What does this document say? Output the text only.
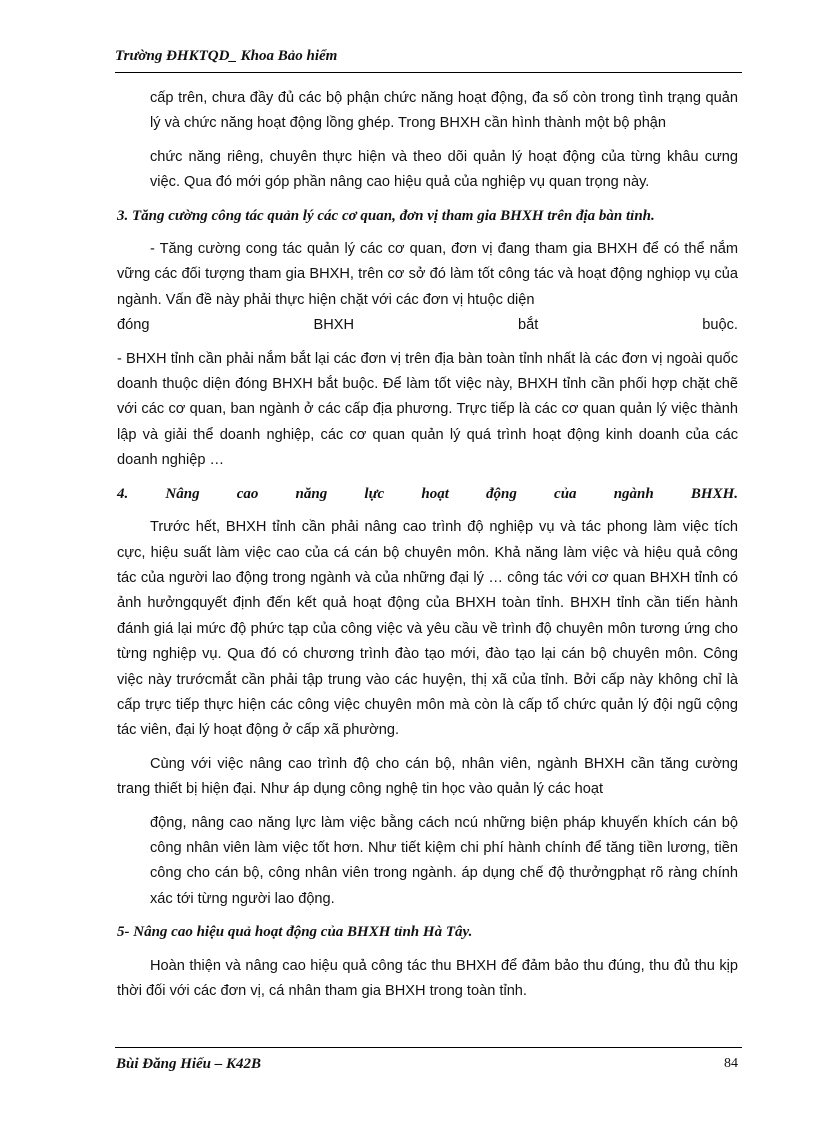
Trường ĐHKTQD_ Khoa Bảo hiểm

cấp trên, chưa đầy đủ các bộ phận chức năng hoạt động, đa số còn trong tình trạng quản lý và chức năng hoạt động lồng ghép. Trong BHXH cần hình thành một bộ phận

chức năng riêng, chuyên thực hiện và theo dõi quản lý hoạt động của từng khâu cưng việc. Qua đó mới góp phần nâng cao hiệu quả của nghiệp vụ quan trọng này.

3. Tăng cường công tác quản lý các cơ quan, đơn vị tham gia BHXH trên địa bàn tỉnh.

- Tăng cường cong tác quản lý các cơ quan, đơn vị đang tham gia BHXH để có thể nắm vững các đối tượng tham gia BHXH, trên cơ sở đó làm tốt công tác và hoạt động nghiọp vụ của ngành. Vấn đề này phải thực hiện chặt với các đơn vị htuộc diện

đóng BHXH bắt buộc.

- BHXH tỉnh cần phải nắm bắt lại các đơn vị trên địa bàn toàn tỉnh nhất là các đơn vị ngoài quốc doanh thuộc diện đóng BHXH bắt buộc. Để làm tốt việc này, BHXH tỉnh cần phối hợp chặt chẽ với các cơ quan, ban ngành ở các cấp địa phương. Trực tiếp là các cơ quan quản lý việc thành lập và giải thể doanh nghiệp, các cơ quan quản lý quá trình hoạt động kinh doanh của các doanh nghiệp …

4. Nâng cao năng lực hoạt động của ngành BHXH.

Trước hết, BHXH tỉnh cần phải nâng cao trình độ nghiệp vụ và tác phong làm việc tích cực, hiệu suất làm việc cao của cá cán bộ chuyên môn. Khả năng làm việc và hiệu quả công tác của người lao động trong ngành và của những đại lý … công tác với cơ quan BHXH tỉnh có ảnh hưởngquyết định đến kết quả hoạt động của BHXH toàn tỉnh. BHXH tỉnh cần tiến hành đánh giá lại mức độ phức tạp của công việc và yêu cầu về trình độ chuyên môn tương ứng cho từng nghiệp vụ. Qua đó có chương trình đào tạo mới, đào tạo lại cán bộ chuyên môn. Công việc này trướcmắt cần phải tập trung vào các huyện, thị xã của tỉnh. Bởi cấp này không chỉ là cấp trực tiếp thực hiện các công việc chuyên môn mà còn là cấp tổ chức quản lý đội ngũ cộng tác viên, đại lý hoạt động ở cấp xã phường.

Cùng với việc nâng cao trình độ cho cán bộ, nhân viên, ngành BHXH cần tăng cường trang thiết bị hiện đại. Như áp dụng công nghệ tin học vào quản lý các hoạt

động, nâng cao năng lực làm việc bằng cách ncú những biện pháp khuyến khích cán bộ công nhân viên làm việc tốt hơn. Như tiết kiệm chi phí hành chính để tăng tiền lương, tiền công cho cán bộ, công nhân viên trong ngành. áp dụng chế độ thưởngphạt rõ ràng chính xác tới từng người lao động.

5- Nâng cao hiệu quả hoạt động của BHXH tỉnh Hà Tây.

Hoàn thiện và nâng cao hiệu quả công tác thu BHXH để đảm bảo thu đúng, thu đủ thu kịp thời đối với các đơn vị, cá nhân tham gia BHXH trong toàn tỉnh.

Bùi Đăng Hiếu – K42B	84
